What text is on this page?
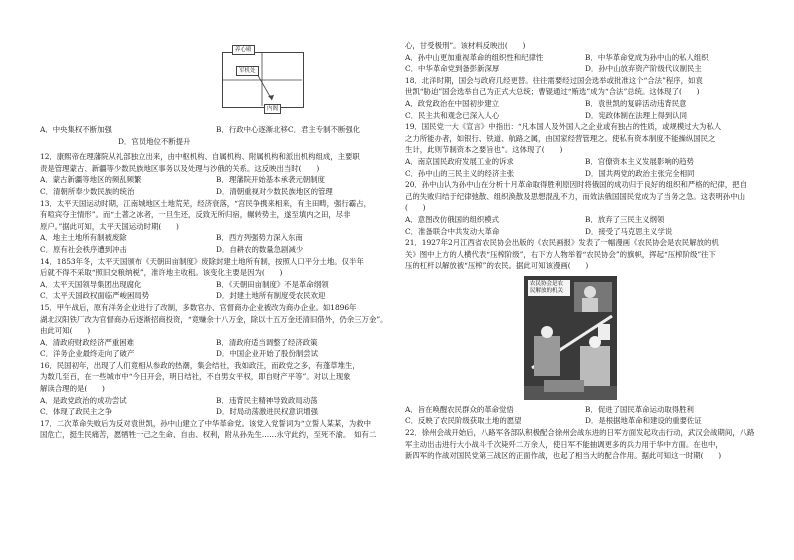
养心殿
军机处
内阁
A．中央集权不断加强	B．行政中心逐渐北移C．君主专制不断强化
D．官员地位不断提升
12．康熙帝在理藩院从礼部独立出来，由中枢机构、自属机构、附属机构和派出机构组成，主要职
责是管理蒙古、新疆等少数民族地区事务以及处理与沙俄的关系。这反映出当时(　　)
A．蒙古新疆等地区的频乱频繁	B．理藩院开始基本承袭元朝制度
C．清朝所奉少数民族的统治	D．清朝重视对少数民族地区的管理
13．太平天国运动时期，江南城地区土地荒芜，经济衰落，“宫民争携来相来，有主田畴，强行霸占，
有喧宾夺主情形”。而“土著之冰者，一旦生还，反致无所归宿，辗转势主，遂至填内之田，尽非
原户。”据此可知，太平天国运动时期(　　)
A．地主土地所有制被废除	B．西方列强势力深入东南
C．原有社会秩序遭到冲击	D．自耕农的数量急剧减少
14．1853年冬，太平天国颁布《天朝田亩制度》废除封建土地所有制，按照人口平分土地。仅半年
后就不得不采取“照旧交粮纳税”，准许地主收租。该变化主要是因为(　　)
A．太平天国领导集团出现腐化	B．《天朝田亩制度》不是革命纲领
C．太平天国政权面临严峻困局势	D．封建土地所有制度受农民欢迎
15．甲午战后，原有洋务企业进行了改制，多数官办、官督商办企业被改为商办企业。如1896年
湖北汉阳铁厂改为官督商办后逐渐招商投资，“竟赚余十八万金，除以十五万金还清旧借外，仍余三万金”。
由此可知(　　)
A．清政府财政经济严重困难	B．清政府适当调整了经济政策
C．洋务企业最终走向了破产	D．中国企业开始了股份制尝试
16．民国初年，出现了人们竟相从参政的热潮，集会结社，我如政汪，而政党之多，有蓬草堆生，
为数几至百，在一些城市中“今日开会，明日结社，不自男女平权，即自财产平等”。对以上现象
解读合理的是(　　)
A．是政党政治的成功尝试	B．违背民主精神导致政局动荡
C．体现了政民主之争	D．时局动荡激进民权意识增强
17．二次革命失败后为反对袁世凯，孙中山建立了中华革命党。该党入党誓词为“立誓人某某，为救中
国危亡，挺生民痛苦，愿牺牲一己之生命、自由、权利，附从孙先生……永守此约，至死不渝。　如有二
心，甘受极刑”。该材料反映出(　　)
A．孙中山更加重视革命的组织性和纪律性	B．中华革命党成为孙中山的私人组织
C．中华革命党到备彭新深厚	D．孙中山放弃资产阶级代议制民主
18．北洋时期，国会与政府几经更替。往往需要经过国会选举或批准这个“合法”程序，如袁
世凯“胁迫”国会选举自己为正式大总统；曹锟通过“贿选”成为“合法”总统。这体现了(　　)
A．政党政治在中国初步建立	B．袁世凯的复辟活动违背民意
C．民主共和观念已深入人心	D．宪政体制在法理上得到认同
19．国民党一大《宣言》中指出：“凡本国人及外国人之企业或有独占的性质，或规模过大为私人
之力所能办者，如银行、铁道、航路之属，由国家经营管理之。使私有资本制度不能操纵国民之
生计，此则节制资本之要旨也”。这体现了(　　)
A．南京国民政府发展工业的诉求	B．官僚资本主义发展影响的趋势
C．孙中山的三民主义的经济主张	D．国共两党的政治主张完全相同
20．孙中山认为孙中山在分析十月革命取得胜利原因时将俄国的成功归于良好的组织和严格的纪律，把自
己的失败归结于纪律弛散、组织涣散及思想混乱不力，而效法俄国国民党成为了当务之急。这表明孙中山
(　　)
A．意图改仿俄国的组织模式	B．放弃了三民主义纲领
C．准备联合中共发动大革命	D．接受了马克思主义学说
21．1927年2月江西省农民协会出版的《农民画报》发表了一幅漫画《农民协会是农民解放的机
关》图中上方的人横代表“压榨阶级”，右下方人物举着“农民协会”的旗帜，挥起“压榨阶级”往下
压的杠杆以解放被“压榨”的农民。据此可知该漫画(　　)
农民协会是农民解放的机关
A．旨在唤醒农民群众的革命觉悟	B．促进了国民革命运动取得胜利
C．反映了农民阶级获取土地的愿望	D．是根据地革命和建设的重要佐证
22．徐州会战开始后，八路军各部队积极配合徐州会战东进的日军方面发起攻击行动，武汉会战期间，八路
军主动出击进行大小战斗千次毙歼二万余人，使日军不能抽调更多的兵力用于华中方面。在也中，
新四军的作战对国民党第三战区的正面作战，也起了相当大的配合作用。据此可知这一时期(　　)
